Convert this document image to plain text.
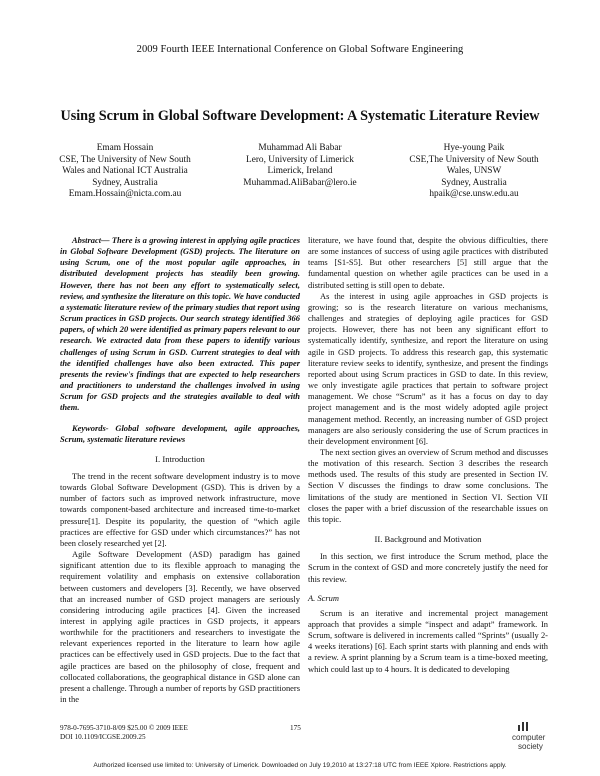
2009 Fourth IEEE International Conference on Global Software Engineering
Using Scrum in Global Software Development: A Systematic Literature Review
Emam Hossain
CSE, The University of New South
Wales and National ICT Australia
Sydney, Australia
Emam.Hossain@nicta.com.au
Muhammad Ali Babar
Lero, University of Limerick
Limerick, Ireland
Muhammad.AliBabar@lero.ie
Hye-young Paik
CSE,The University of New South
Wales, UNSW
Sydney, Australia
hpaik@cse.unsw.edu.au

Abstract— There is a growing interest in applying agile practices in Global Software Development (GSD) projects. The literature on using Scrum, one of the most popular agile approaches, in distributed development projects has steadily been growing. However, there has not been any effort to systematically select, review, and synthesize the literature on this topic. We have conducted a systematic literature review of the primary studies that report using Scrum practices in GSD projects. Our search strategy identified 366 papers, of which 20 were identified as primary papers relevant to our research. We extracted data from these papers to identify various challenges of using Scrum in GSD. Current strategies to deal with the identified challenges have also been extracted. This paper presents the review's findings that are expected to help researchers and practitioners to understand the challenges involved in using Scrum for GSD projects and the strategies available to deal with them.

Keywords- Global software development, agile approaches, Scrum, systematic literature reviews

I. Introduction

The trend in the recent software development industry is to move towards Global Software Development (GSD). This is driven by a number of factors such as improved network infrastructure, move towards component-based architecture and increased time-to-market pressure[1]. Despite its popularity, the question of “which agile practices are effective for GSD under which circumstances?” has not been closely researched yet [2].

Agile Software Development (ASD) paradigm has gained significant attention due to its flexible approach to managing the requirement volatility and emphasis on extensive collaboration between customers and developers [3]. Recently, we have observed that an increased number of GSD project managers are seriously considering introducing agile practices [4]. Given the increased interest in applying agile practices in GSD projects, it appears worthwhile for the practitioners and researchers to investigate the relevant experiences reported in the literature to learn how agile practices can be effectively used in GSD projects. Due to the fact that agile practices are based on the philosophy of close, frequent and collocated collaborations, the geographical distance in GSD alone can present a challenge. Through a number of reports by GSD practitioners in the

literature, we have found that, despite the obvious difficulties, there are some instances of success of using agile practices with distributed teams [S1-S5]. But other researchers [5] still argue that the fundamental question on whether agile practices can be used in a distributed setting is still open to debate.

As the interest in using agile approaches in GSD projects is growing; so is the research literature on various mechanisms, challenges and strategies of deploying agile practices for GSD projects. However, there has not been any significant effort to systematically identify, synthesize, and report the literature on using agile in GSD projects. To address this research gap, this systematic literature review seeks to identify, synthesize, and present the findings reported about using Scrum practices in GSD to date. In this review, we only investigate agile practices that pertain to software project management. We chose “Scrum” as it has a focus on day to day project management and is the most widely adopted agile project management method. Recently, an increasing number of GSD project managers are also seriously considering the use of Scrum practices in their development environment [6].

The next section gives an overview of Scrum method and discusses the motivation of this research. Section 3 describes the research methods used. The results of this study are presented in Section IV. Section V discusses the findings to draw some conclusions. The limitations of the study are mentioned in Section VI. Section VII closes the paper with a brief discussion of the researchable issues on this topic.

II. Background and Motivation

In this section, we first introduce the Scrum method, place the Scrum in the context of GSD and more concretely justify the need for this review.

A. Scrum

Scrum is an iterative and incremental project management approach that provides a simple “inspect and adapt” framework. In Scrum, software is delivered in increments called “Sprints” (usually 2-4 weeks iterations) [6]. Each sprint starts with planning and ends with a review. A sprint planning by a Scrum team is a time-boxed meeting, which could last up to 4 hours. It is dedicated to developing

978-0-7695-3710-8/09 $25.00 © 2009 IEEE
DOI 10.1109/ICGSE.2009.25
175
computer
society
Authorized licensed use limited to: University of Limerick. Downloaded on July 19,2010 at 13:27:18 UTC from IEEE Xplore. Restrictions apply.
